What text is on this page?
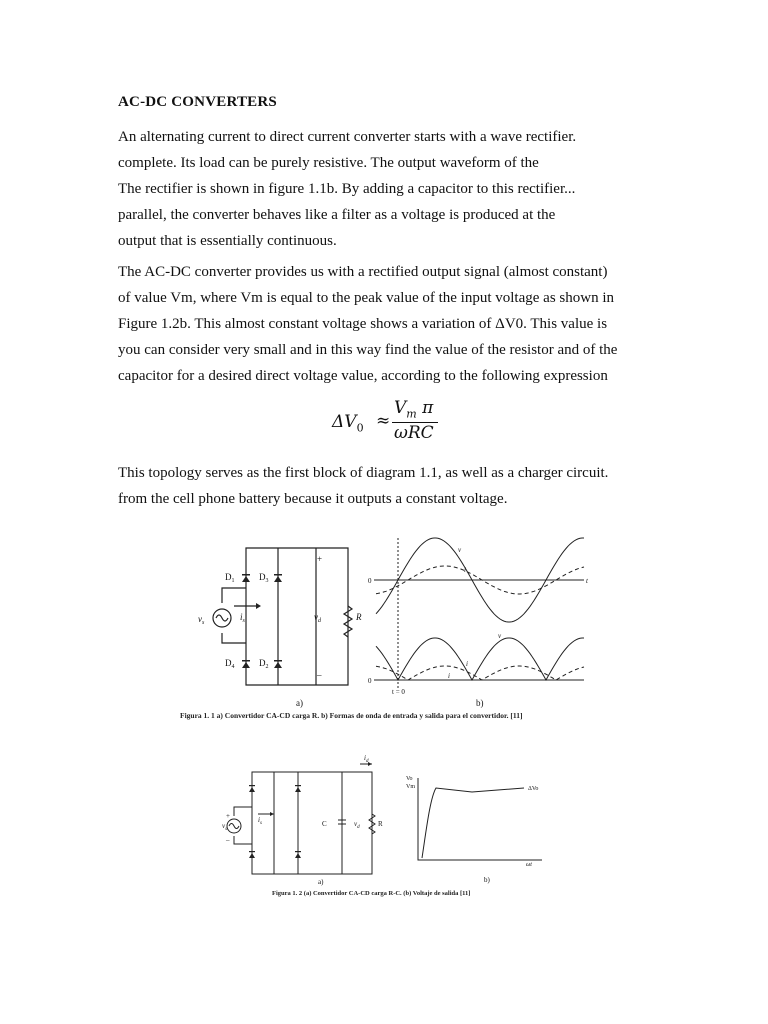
AC-DC CONVERTERS
An alternating current to direct current converter starts with a wave rectifier.
complete. Its load can be purely resistive. The output waveform of the
The rectifier is shown in figure 1.1b. By adding a capacitor to this rectifier...
parallel, the converter behaves like a filter as a voltage is produced at the
output that is essentially continuous.
The AC-DC converter provides us with a rectified output signal (almost constant)
of value Vm, where Vm is equal to the peak value of the input voltage as shown in
Figure 1.2b. This almost constant voltage shows a variation of ΔV0. This value is
you can consider very small and in this way find the value of the resistor and of the
capacitor for a desired direct voltage value, according to the following expression
$\Delta V_0$ ≈
$V_m$ π
ωRC
This topology serves as the first block of diagram 1.1, as well as a charger circuit.
from the cell phone battery because it outputs a constant voltage.
$D_1$	$D_3$
$D_4$	$D_2$
$v_s$
$i_s$	$v_d$	R
+
–
a)
0
0
t = 0
v
i
v
i
i
t
b)
Figura 1. 1 a) Convertidor CA-CD carga R. b) Formas de onda de entrada y salida para el convertidor. [11]
$i_d$
$v_s$
$i_s$	C	$v_d$	R
+
–
a)
Vo
Vm	ΔVo
ωt
b)
Figura 1. 2 (a) Convertidor CA-CD carga R-C. (b) Voltaje de salida [11]
